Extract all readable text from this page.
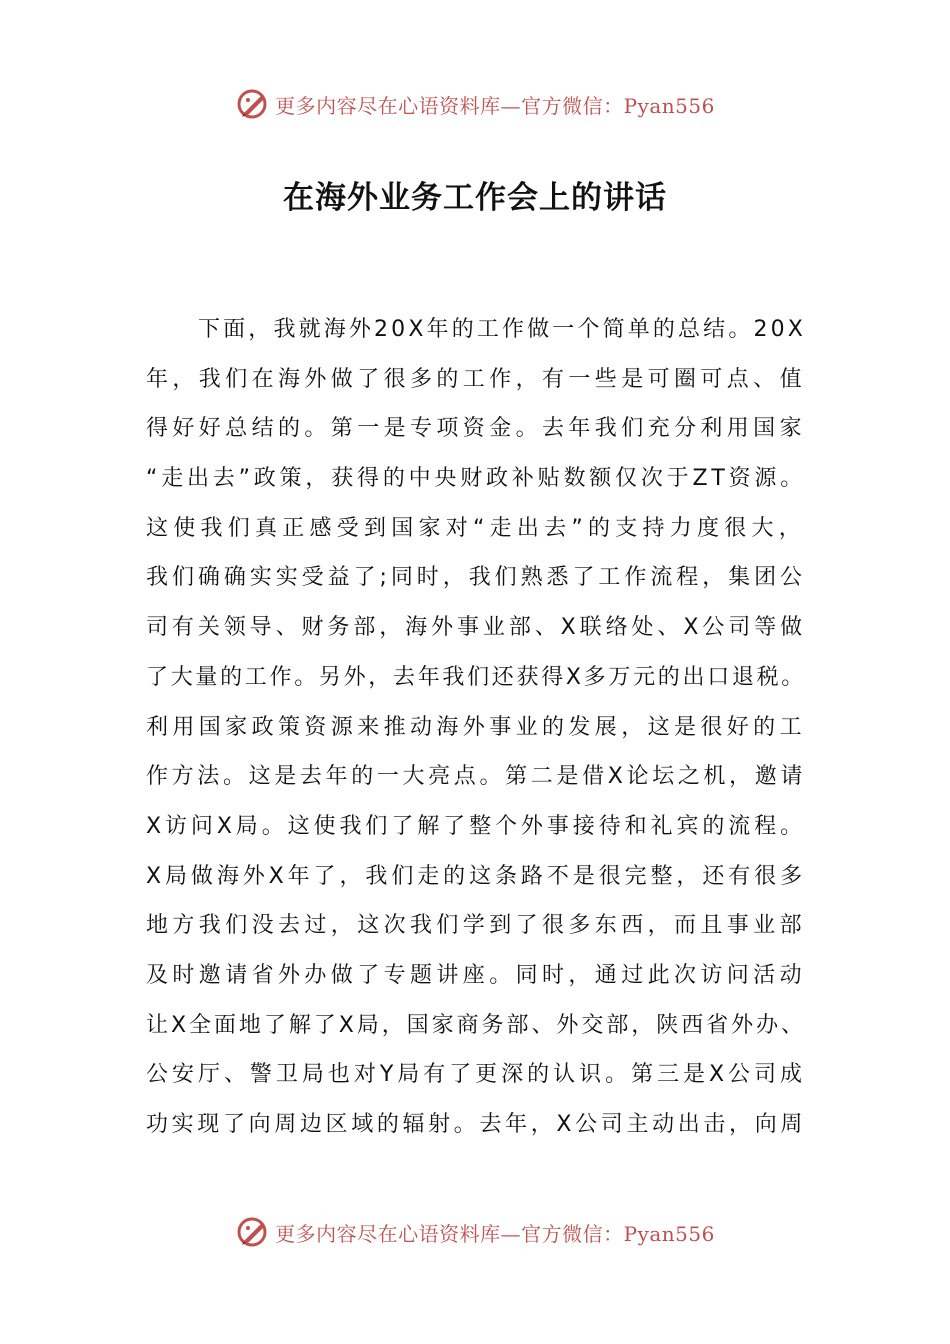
更多内容尽在心语资料库—官方微信：Pyan556
在海外业务工作会上的讲话
下面，我就海外20X年的工作做一个简单的总结。20X
年，我们在海外做了很多的工作，有一些是可圈可点、值
得好好总结的。第一是专项资金。去年我们充分利用国家
“走出去”政策，获得的中央财政补贴数额仅次于ZT资源。
这使我们真正感受到国家对“走出去”的支持力度很大，
我们确确实实受益了;同时，我们熟悉了工作流程，集团公
司有关领导、财务部，海外事业部、X联络处、X公司等做
了大量的工作。另外，去年我们还获得X多万元的出口退税。
利用国家政策资源来推动海外事业的发展，这是很好的工
作方法。这是去年的一大亮点。第二是借X论坛之机，邀请
X访问X局。这使我们了解了整个外事接待和礼宾的流程。
X局做海外X年了，我们走的这条路不是很完整，还有很多
地方我们没去过，这次我们学到了很多东西，而且事业部
及时邀请省外办做了专题讲座。同时，通过此次访问活动
让X全面地了解了X局，国家商务部、外交部，陕西省外办、
公安厅、警卫局也对Y局有了更深的认识。第三是X公司成
功实现了向周边区域的辐射。去年，X公司主动出击，向周
更多内容尽在心语资料库—官方微信：Pyan556
